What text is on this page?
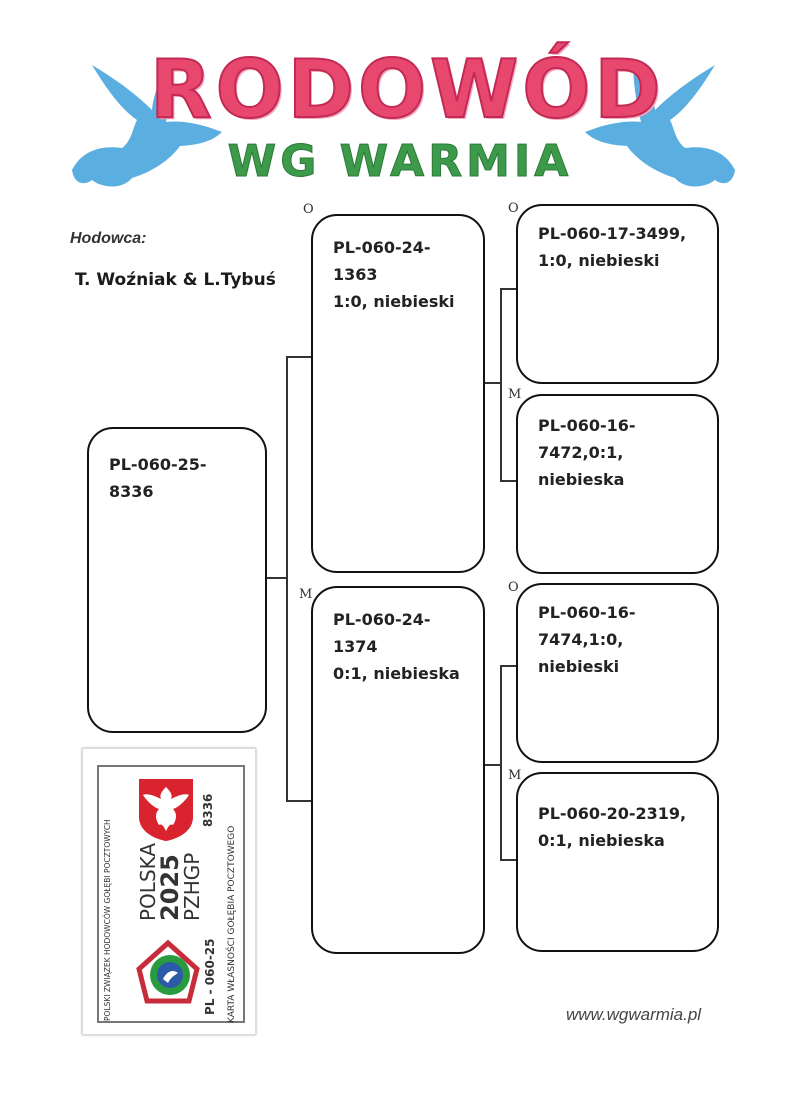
RODOWÓD
WG WARMIA
Hodowca:
T. Woźniak & L.Tybuś
PL-060-25-8336
O
PL-060-24-1363
1:0, niebieski
M
PL-060-24-1374
0:1, niebieska
O
PL-060-17-3499,
1:0, niebieski
M
PL-060-16-
7472,0:1,
niebieska
O
PL-060-16-
7474,1:0,
niebieski
M
PL-060-20-2319,
0:1, niebieska
POLSKI ZWIĄZEK HODOWCÓW GOŁĘBI POCZTOWYCH POLSKA
2025
PZHGP
PL - 060-25
8336
KARTA WŁASNOŚCI GOŁĘBIA POCZTOWEGO	www.wgwarmia.pl
